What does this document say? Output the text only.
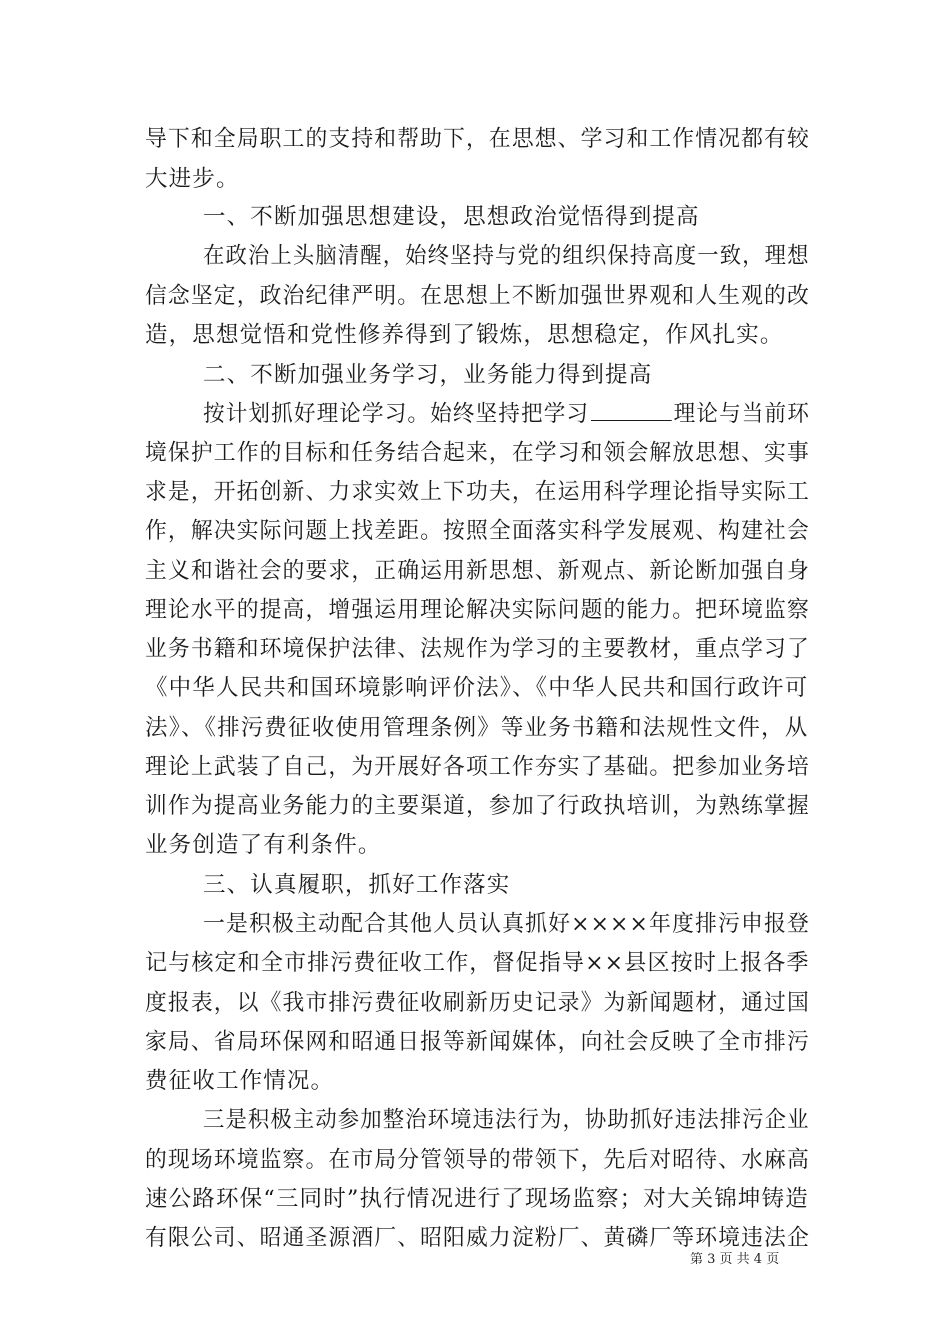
导下和全局职工的支持和帮助下，在思想、学习和工作情况都有较
大进步。
一、不断加强思想建设，思想政治觉悟得到提高
在政治上头脑清醒，始终坚持与党的组织保持高度一致，理想
信念坚定，政治纪律严明。在思想上不断加强世界观和人生观的改
造，思想觉悟和党性修养得到了锻炼，思想稳定，作风扎实。
二、不断加强业务学习，业务能力得到提高
按计划抓好理论学习。始终坚持把学习	理论与当前环
境保护工作的目标和任务结合起来，在学习和领会解放思想、实事
求是，开拓创新、力求实效上下功夫，在运用科学理论指导实际工
作，解决实际问题上找差距。按照全面落实科学发展观、构建社会
主义和谐社会的要求，正确运用新思想、新观点、新论断加强自身
理论水平的提高，增强运用理论解决实际问题的能力。把环境监察
业务书籍和环境保护法律、法规作为学习的主要教材，重点学习了
《中华人民共和国环境影响评价法》、《中华人民共和国行政许可
法》、《排污费征收使用管理条例》等业务书籍和法规性文件，从
理论上武装了自己，为开展好各项工作夯实了基础。把参加业务培
训作为提高业务能力的主要渠道，参加了行政执培训，为熟练掌握
业务创造了有利条件。
三、认真履职，抓好工作落实
一是积极主动配合其他人员认真抓好××××年度排污申报登
记与核定和全市排污费征收工作，督促指导××县区按时上报各季
度报表，以《我市排污费征收刷新历史记录》为新闻题材，通过国
家局、省局环保网和昭通日报等新闻媒体，向社会反映了全市排污
费征收工作情况。
三是积极主动参加整治环境违法行为，协助抓好违法排污企业
的现场环境监察。在市局分管领导的带领下，先后对昭待、水麻高
速公路环保“三同时”执行情况进行了现场监察；对大关锦坤铸造
有限公司、昭通圣源酒厂、昭阳威力淀粉厂、黄磷厂等环境违法企
第 3 页 共 4 页
